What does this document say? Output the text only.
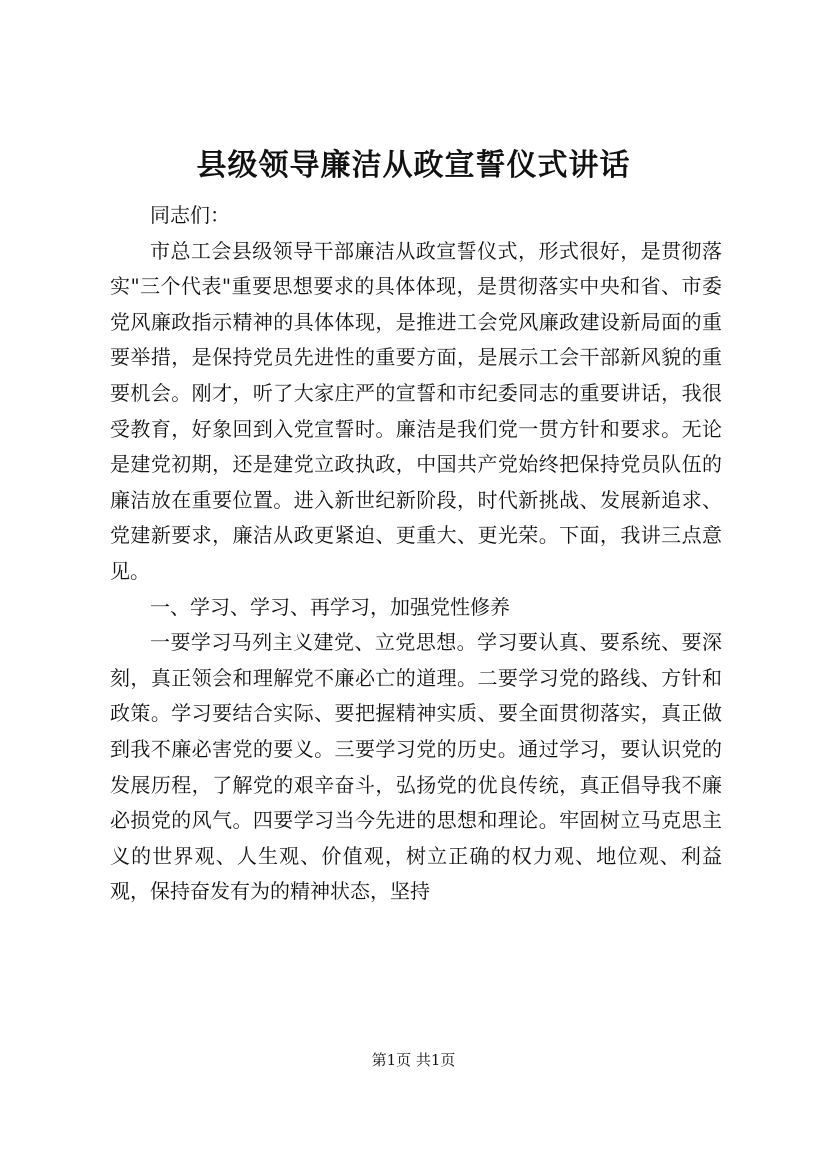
县级领导廉洁从政宣誓仪式讲话

同志们：

市总工会县级领导干部廉洁从政宣誓仪式，形式很好，是贯彻落实"三个代表"重要思想要求的具体体现，是贯彻落实中央和省、市委党风廉政指示精神的具体体现，是推进工会党风廉政建设新局面的重要举措，是保持党员先进性的重要方面，是展示工会干部新风貌的重要机会。刚才，听了大家庄严的宣誓和市纪委同志的重要讲话，我很受教育，好象回到入党宣誓时。廉洁是我们党一贯方针和要求。无论是建党初期，还是建党立政执政，中国共产党始终把保持党员队伍的廉洁放在重要位置。进入新世纪新阶段，时代新挑战、发展新追求、党建新要求，廉洁从政更紧迫、更重大、更光荣。下面，我讲三点意见。

一、学习、学习、再学习，加强党性修养

一要学习马列主义建党、立党思想。学习要认真、要系统、要深刻，真正领会和理解党不廉必亡的道理。二要学习党的路线、方针和政策。学习要结合实际、要把握精神实质、要全面贯彻落实，真正做到我不廉必害党的要义。三要学习党的历史。通过学习，要认识党的发展历程，了解党的艰辛奋斗，弘扬党的优良传统，真正倡导我不廉必损党的风气。四要学习当今先进的思想和理论。牢固树立马克思主义的世界观、人生观、价值观，树立正确的权力观、地位观、利益观，保持奋发有为的精神状态，坚持

第1页 共1页
